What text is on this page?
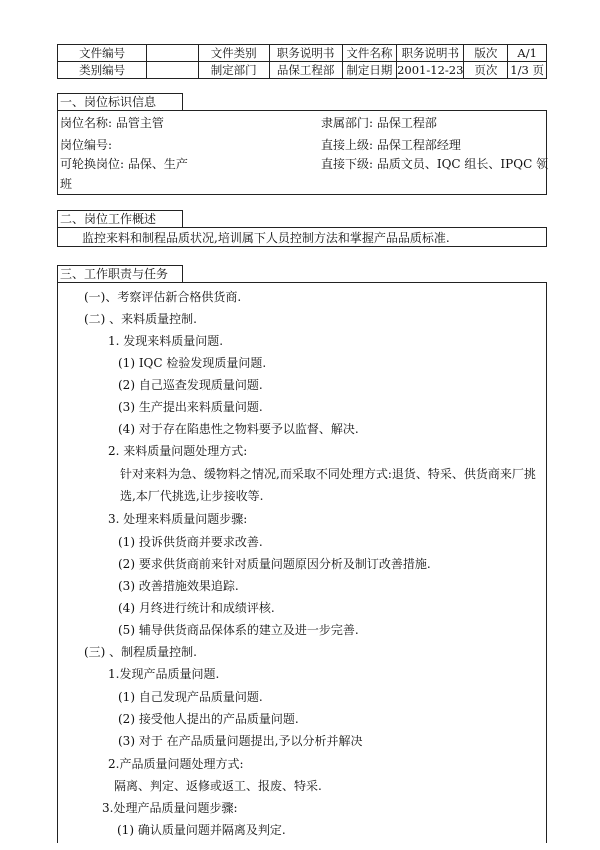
文件编号		文件类别	职务说明书	文件名称	职务说明书	版次	A/1
类别编号		制定部门	品保工程部	制定日期	2001-12-23	页次	1/3 页
一、岗位标识信息
岗位名称: 品管主管	隶属部门: 品保工程部
岗位编号:	直接上级: 品保工程部经理
可轮换岗位: 品保、生产	直接下级: 品质文员、IQC 组长、IPQC 领
班
二、岗位工作概述
监控来料和制程品质状况,培训属下人员控制方法和掌握产品品质标准.
三、工作职责与任务
(一)、考察评估新合格供货商.
(二) 、来料质量控制.
1. 发现来料质量问题.
(1) IQC 检验发现质量问题.
(2) 自己巡查发现质量问题.
(3) 生产提出来料质量问题.
(4) 对于存在陷患性之物料要予以监督、解决.
2. 来料质量问题处理方式:
针对来料为急、缓物料之情况,而采取不同处理方式:退货、特采、供货商来厂挑
选,本厂代挑选,让步接收等.
3. 处理来料质量问题步骤:
(1) 投诉供货商并要求改善.
(2) 要求供货商前来针对质量问题原因分析及制订改善措施.
(3) 改善措施效果追踪.
(4) 月终进行统计和成绩评核.
(5) 辅导供货商品保体系的建立及进一步完善.
(三) 、制程质量控制.
1.发现产品质量问题.
(1) 自己发现产品质量问题.
(2) 接受他人提出的产品质量问题.
(3) 对于 在产品质量问题提出,予以分析并解决
2.产品质量问题处理方式:
隔离、判定、返修或返工、报废、特采.
3.处理产品质量问题步骤:
(1) 确认质量问题并隔离及判定.
